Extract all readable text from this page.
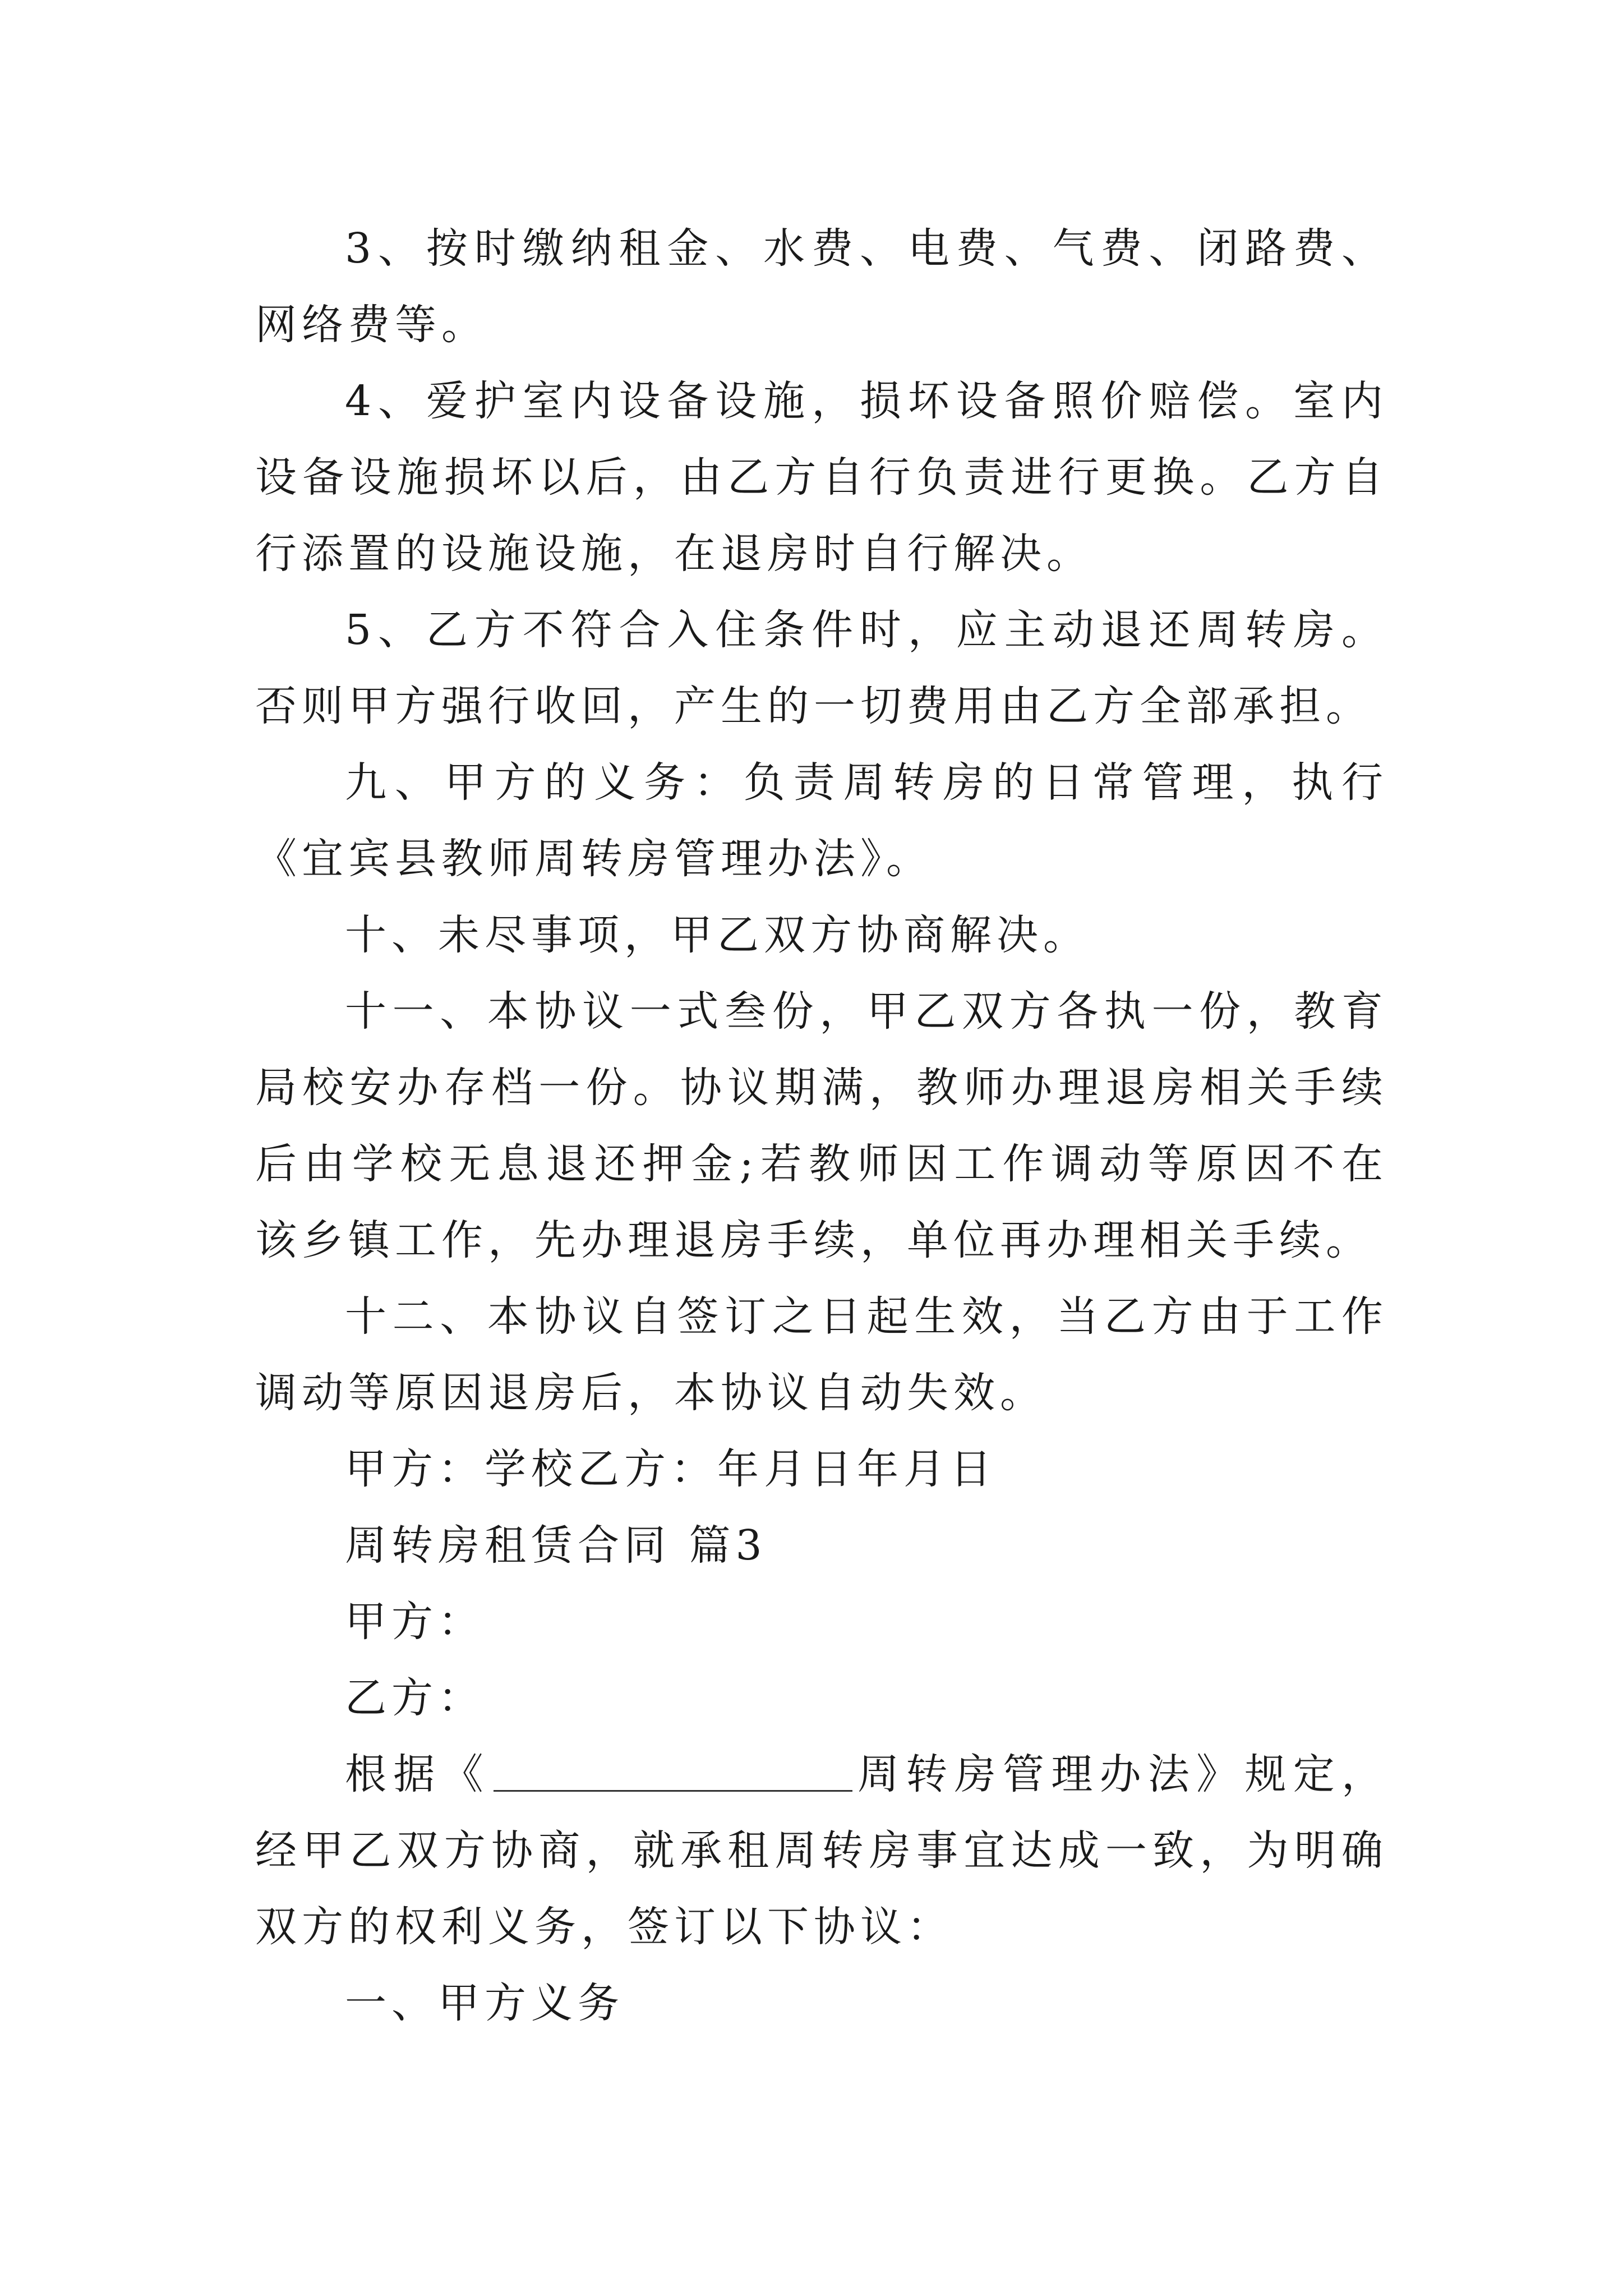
3、按时缴纳租金、水费、电费、气费、闭路费、网络费等。

4、爱护室内设备设施，损坏设备照价赔偿。室内设备设施损坏以后，由乙方自行负责进行更换。乙方自行添置的设施设施，在退房时自行解决。

5、乙方不符合入住条件时，应主动退还周转房。否则甲方强行收回，产生的一切费用由乙方全部承担。

九、甲方的义务：负责周转房的日常管理，执行《宜宾县教师周转房管理办法》。

十、未尽事项，甲乙双方协商解决。

十一、本协议一式叁份，甲乙双方各执一份，教育局校安办存档一份。协议期满，教师办理退房相关手续后由学校无息退还押金;若教师因工作调动等原因不在该乡镇工作，先办理退房手续，单位再办理相关手续。

十二、本协议自签订之日起生效，当乙方由于工作调动等原因退房后，本协议自动失效。

甲方：学校乙方：年月日年月日

周转房租赁合同 篇3

甲方：

乙方：

根据《	周转房管理办法》规定，经甲乙双方协商，就承租周转房事宜达成一致，为明确双方的权利义务，签订以下协议：

一、甲方义务
